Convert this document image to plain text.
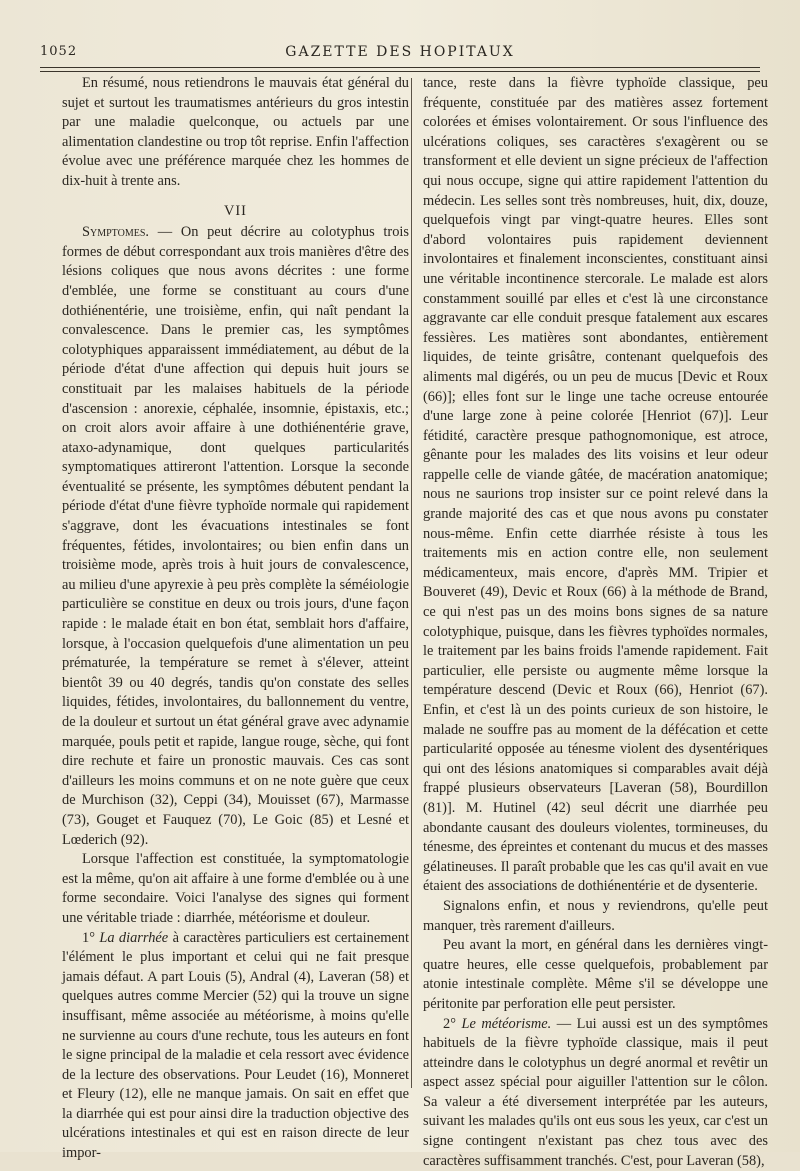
1052	GAZETTE DES HOPITAUX

En résumé, nous retiendrons le mauvais état général du sujet et surtout les traumatismes antérieurs du gros intestin par une maladie quelconque, ou actuels par une alimentation clandestine ou trop tôt reprise. Enfin l'affection évolue avec une préférence marquée chez les hommes de dix-huit à trente ans.

VII

Symptomes. — On peut décrire au colotyphus trois formes de début correspondant aux trois manières d'être des lésions coliques que nous avons décrites : une forme d'emblée, une forme se constituant au cours d'une dothiénentérie, une troisième, enfin, qui naît pendant la convalescence. Dans le premier cas, les symptômes colotyphiques apparaissent immédiatement, au début de la période d'état d'une affection qui depuis huit jours se constituait par les malaises habituels de la période d'ascension : anorexie, céphalée, insomnie, épistaxis, etc.; on croit alors avoir affaire à une dothiénentérie grave, ataxo-adynamique, dont quelques particularités symptomatiques attireront l'attention. Lorsque la seconde éventualité se présente, les symptômes débutent pendant la période d'état d'une fièvre typhoïde normale qui rapidement s'aggrave, dont les évacuations intestinales se font fréquentes, fétides, involontaires; ou bien enfin dans un troisième mode, après trois à huit jours de convalescence, au milieu d'une apyrexie à peu près complète la séméiologie particulière se constitue en deux ou trois jours, d'une façon rapide : le malade était en bon état, semblait hors d'affaire, lorsque, à l'occasion quelquefois d'une alimentation un peu prématurée, la température se remet à s'élever, atteint bientôt 39 ou 40 degrés, tandis qu'on constate des selles liquides, fétides, involontaires, du ballonnement du ventre, de la douleur et surtout un état général grave avec adynamie marquée, pouls petit et rapide, langue rouge, sèche, qui font dire rechute et faire un pronostic mauvais. Ces cas sont d'ailleurs les moins communs et on ne note guère que ceux de Murchison (32), Ceppi (34), Mouisset (67), Marmasse (73), Gouget et Fauquez (70), Le Goic (85) et Lesné et Lœderich (92).

Lorsque l'affection est constituée, la symptomatologie est la même, qu'on ait affaire à une forme d'emblée ou à une forme secondaire. Voici l'analyse des signes qui forment une véritable triade : diarrhée, météorisme et douleur.

1° La diarrhée à caractères particuliers est certainement l'élément le plus important et celui qui ne fait presque jamais défaut. A part Louis (5), Andral (4), Laveran (58) et quelques autres comme Mercier (52) qui la trouve un signe insuffisant, même associée au météorisme, à moins qu'elle ne survienne au cours d'une rechute, tous les auteurs en font le signe principal de la maladie et cela ressort avec évidence de la lecture des observations. Pour Leudet (16), Monneret et Fleury (12), elle ne manque jamais. On sait en effet que la diarrhée qui est pour ainsi dire la traduction objective des ulcérations intestinales et qui est en raison directe de leur impor-

tance, reste dans la fièvre typhoïde classique, peu fréquente, constituée par des matières assez fortement colorées et émises volontairement. Or sous l'influence des ulcérations coliques, ses caractères s'exagèrent ou se transforment et elle devient un signe précieux de l'affection qui nous occupe, signe qui attire rapidement l'attention du médecin. Les selles sont très nombreuses, huit, dix, douze, quelquefois vingt par vingt-quatre heures. Elles sont d'abord volontaires puis rapidement deviennent involontaires et finalement inconscientes, constituant ainsi une véritable incontinence stercorale. Le malade est alors constamment souillé par elles et c'est là une circonstance aggravante car elle conduit presque fatalement aux escares fessières. Les matières sont abondantes, entièrement liquides, de teinte grisâtre, contenant quelquefois des aliments mal digérés, ou un peu de mucus [Devic et Roux (66)]; elles font sur le linge une tache ocreuse entourée d'une large zone à peine colorée [Henriot (67)]. Leur fétidité, caractère presque pathognomonique, est atroce, gênante pour les malades des lits voisins et leur odeur rappelle celle de viande gâtée, de macération anatomique; nous ne saurions trop insister sur ce point relevé dans la grande majorité des cas et que nous avons pu constater nous-même. Enfin cette diarrhée résiste à tous les traitements mis en action contre elle, non seulement médicamenteux, mais encore, d'après MM. Tripier et Bouveret (49), Devic et Roux (66) à la méthode de Brand, ce qui n'est pas un des moins bons signes de sa nature colotyphique, puisque, dans les fièvres typhoïdes normales, le traitement par les bains froids l'amende rapidement. Fait particulier, elle persiste ou augmente même lorsque la température descend (Devic et Roux (66), Henriot (67). Enfin, et c'est là un des points curieux de son histoire, le malade ne souffre pas au moment de la défécation et cette particularité opposée au ténesme violent des dysentériques qui ont des lésions anatomiques si comparables avait déjà frappé plusieurs observateurs [Laveran (58), Bourdillon (81)]. M. Hutinel (42) seul décrit une diarrhée peu abondante causant des douleurs violentes, tormineuses, du ténesme, des épreintes et contenant du mucus et des masses gélatineuses. Il paraît probable que les cas qu'il avait en vue étaient des associations de dothiénentérie et de dysenterie.

Signalons enfin, et nous y reviendrons, qu'elle peut manquer, très rarement d'ailleurs.

Peu avant la mort, en général dans les dernières vingt-quatre heures, elle cesse quelquefois, probablement par atonie intestinale complète. Même s'il se développe une péritonite par perforation elle peut persister.

2° Le météorisme. — Lui aussi est un des symptômes habituels de la fièvre typhoïde classique, mais il peut atteindre dans le colotyphus un degré anormal et revêtir un aspect assez spécial pour aiguiller l'attention sur le côlon. Sa valeur a été diversement interprétée par les auteurs, suivant les malades qu'ils ont eus sous les yeux, car c'est un signe contingent n'existant pas chez tous avec des caractères suffisamment tranchés. C'est, pour Laveran (58),
